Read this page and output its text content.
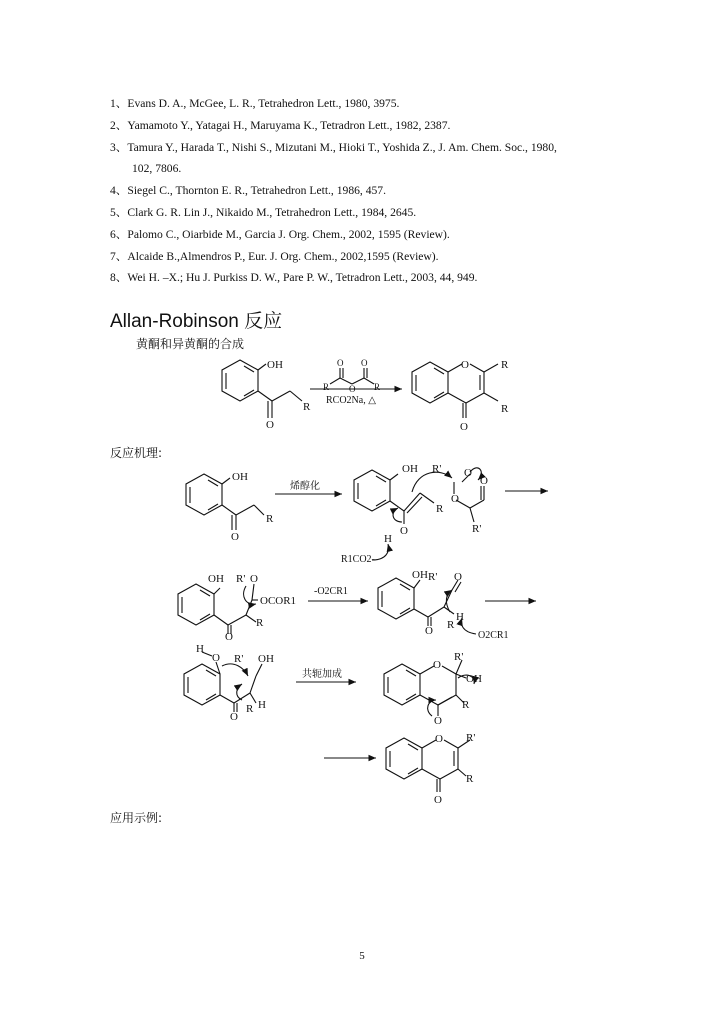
1、Evans D. A., McGee, L. R., Tetrahedron Lett., 1980, 3975.
2、Yamamoto Y., Yatagai H., Maruyama K., Tetradron Lett., 1982, 2387.
3、Tamura Y., Harada T., Nishi S., Mizutani M., Hioki T., Yoshida Z., J. Am. Chem. Soc., 1980,
102, 7806.
4、Siegel C., Thornton E. R., Tetrahedron Lett., 1986, 457.
5、Clark G. R. Lin J., Nikaido M., Tetrahedron Lett., 1984, 2645.
6、Palomo C., Oiarbide M., Garcia J. Org. Chem., 2002, 1595 (Review).
7、Alcaide B.,Almendros P., Eur. J. Org. Chem., 2002,1595 (Review).
8、Wei H. –X.; Hu J. Purkiss D. W., Pare P. W., Tetradron Lett., 2003, 44, 949.
Allan-Robinson 反应
黄酮和异黄酮的合成
反应机理:
应用示例:
5
OH
O
R
O O
O
R	R
RCO2Na, △
O
O
R
R
OH
O
R
烯醇化
OH
O
H
R
R' O
O
O
R'
R1CO2-
OH R' O
OCOR1
R
O
-O2CR1
OH R' O
H
R
O	O2CR1
H
O R' OH
R H
O
共轭加成
O
R'
OH
R
O
O R'
R
O
